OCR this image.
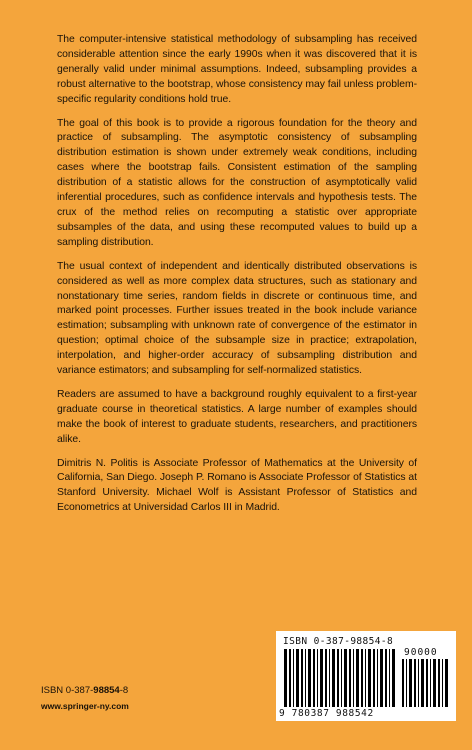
The computer-intensive statistical methodology of subsampling has received considerable attention since the early 1990s when it was discovered that it is generally valid under minimal assumptions. Indeed, subsampling provides a robust alternative to the bootstrap, whose consistency may fail unless problem-specific regularity conditions hold true.

The goal of this book is to provide a rigorous foundation for the theory and practice of subsampling. The asymptotic consistency of subsampling distribution estimation is shown under extremely weak conditions, including cases where the bootstrap fails. Consistent estimation of the sampling distribution of a statistic allows for the construction of asymptotically valid inferential procedures, such as confidence intervals and hypothesis tests. The crux of the method relies on recomputing a statistic over appropriate subsamples of the data, and using these recomputed values to build up a sampling distribution.

The usual context of independent and identically distributed observations is considered as well as more complex data structures, such as stationary and nonstationary time series, random fields in discrete or continuous time, and marked point processes. Further issues treated in the book include variance estimation; subsampling with unknown rate of convergence of the estimator in question; optimal choice of the subsample size in practice; extrapolation, interpolation, and higher-order accuracy of subsampling distribution and variance estimators; and subsampling for self-normalized statistics.

Readers are assumed to have a background roughly equivalent to a first-year graduate course in theoretical statistics. A large number of examples should make the book of interest to graduate students, researchers, and practitioners alike.

Dimitris N. Politis is Associate Professor of Mathematics at the University of California, San Diego. Joseph P. Romano is Associate Professor of Statistics at Stanford University. Michael Wolf is Assistant Professor of Statistics and Econometrics at Universidad Carlos III in Madrid.

ISBN 0-387-98854-8
90000
9 780387 988542
ISBN 0-387-98854-8
www.springer-ny.com
